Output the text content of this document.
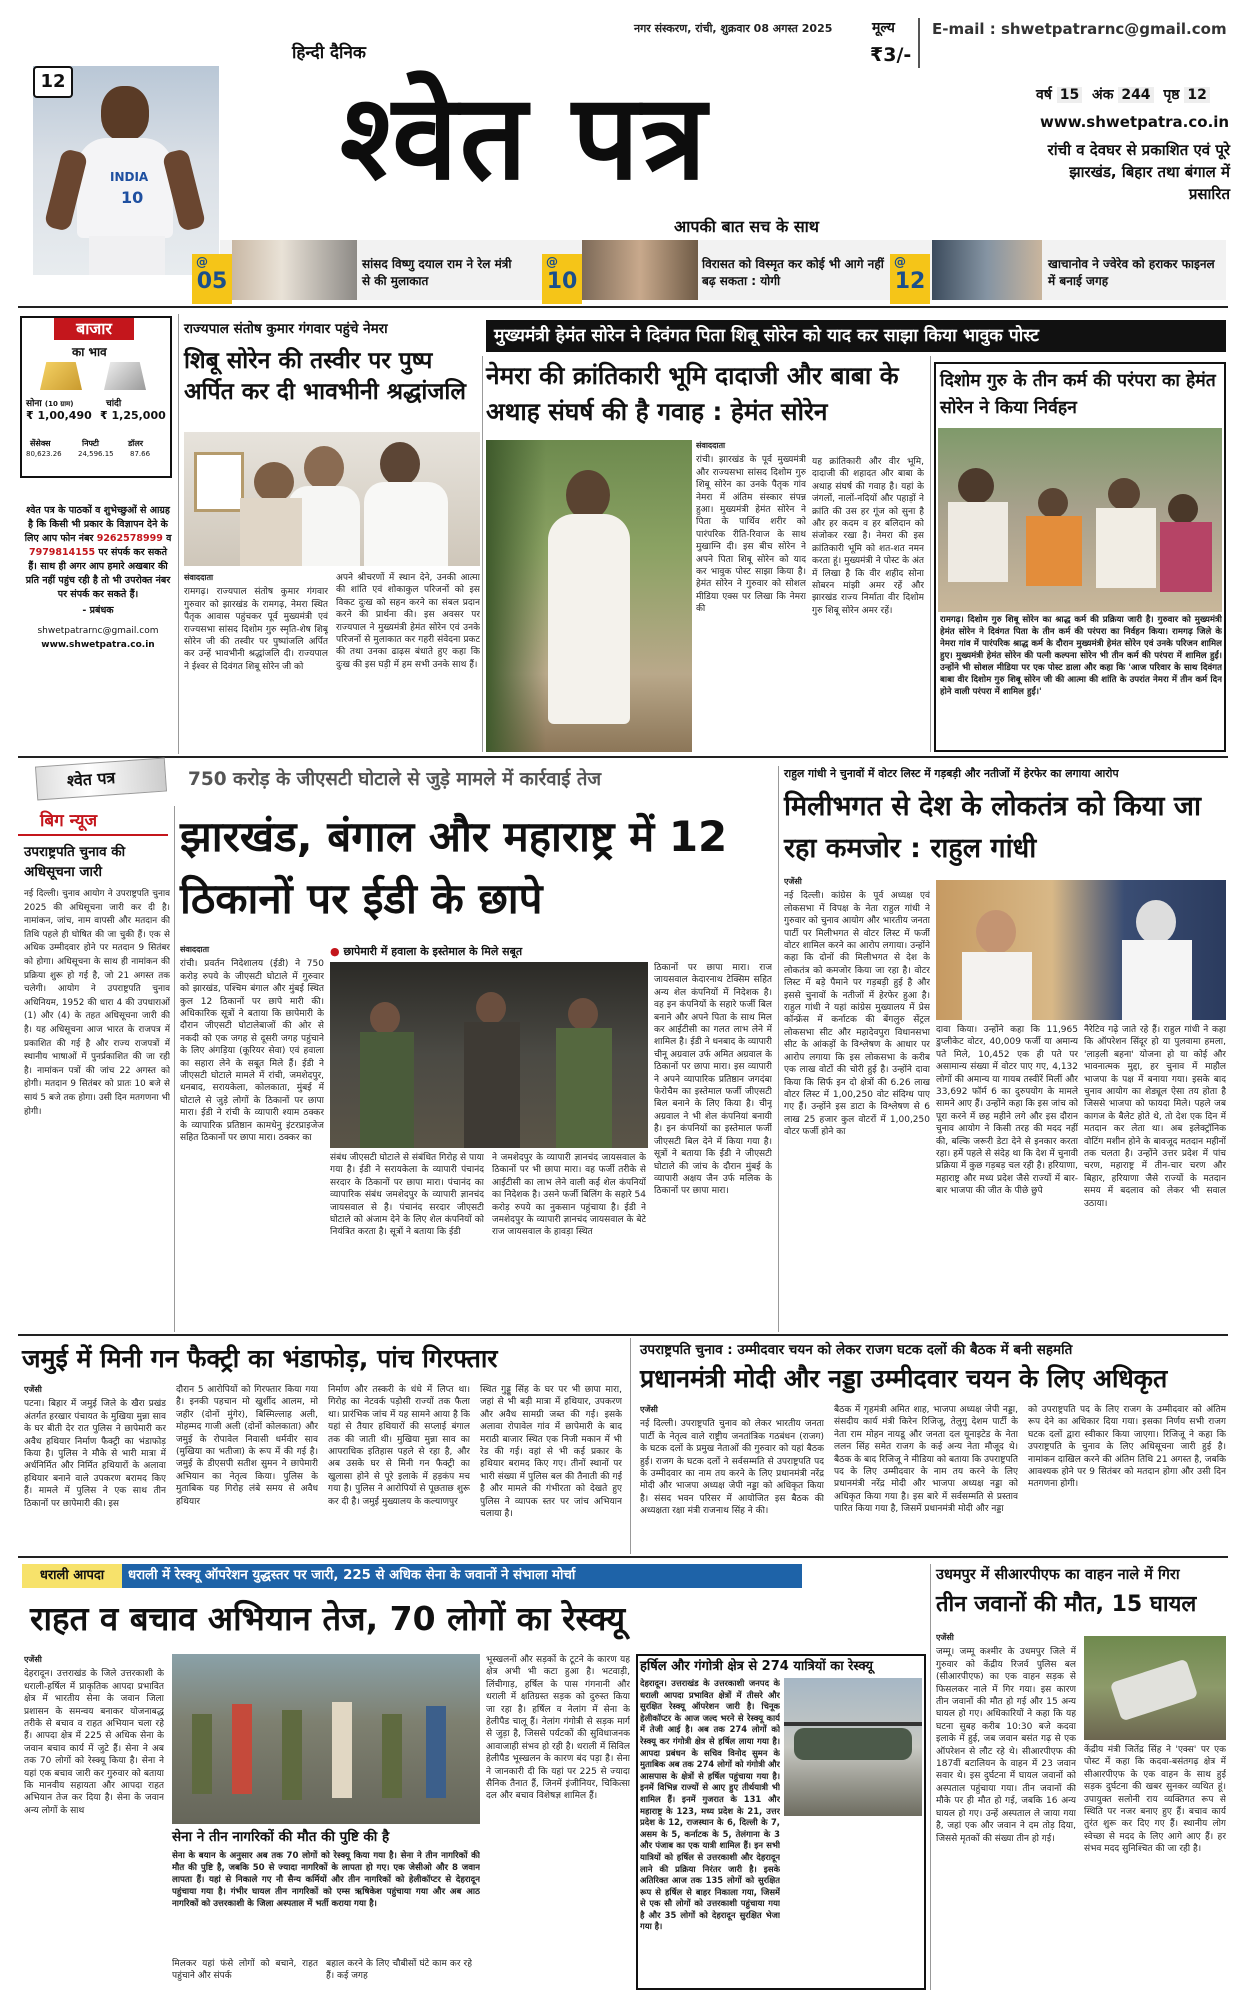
नगर संस्करण, रांची, शुक्रवार 08 अगस्त 2025	मूल्य
₹3/-
E-mail : shwetpatrarnc@gmail.com
हिन्दी दैनिक
INDIA
10
12 श्वेत पत्र
आपकी बात सच के साथ
वर्ष 15 अंक 244 पृष्ठ 12
www.shwetpatra.co.in
रांची व देवघर से प्रकाशित एवं पूरे झारखंड, बिहार तथा बंगाल में प्रसारित
@
05
सांसद विष्णु दयाल राम ने रेल मंत्री से की मुलाकात
@
10
विरासत को विस्मृत कर कोई भी आगे नहीं बढ़ सकता : योगी
@
12
खाचानोव ने ज्वेरेव को हराकर फाइनल में बनाई जगह
बाजार
का भाव
सोना (10 ग्राम)
₹ 1,00,490
चांदी
₹ 1,25,000
सेंसेक्स
80,623.26
निफ्टी
24,596.15
डॉलर
87.66
श्वेत पत्र के पाठकों व शुभेच्छुओं से आग्रह है कि किसी भी प्रकार के विज्ञापन देने के लिए आप फोन नंबर 9262578999 व 7979814155 पर संपर्क कर सकते हैं। साथ ही अगर आप हमारे अखबार की प्रति नहीं पहुंच रही है तो भी उपरोक्त नंबर पर संपर्क कर सकते हैं।
- प्रबंधक
shwetpatrarnc@gmail.com
www.shwetpatra.co.in
राज्यपाल संतोष कुमार गंगवार पहुंचे नेमरा
शिबू सोरेन की तस्वीर पर पुष्प अर्पित कर दी भावभीनी श्रद्धांजलि
संवाददाता
रामगढ़। राज्यपाल संतोष कुमार गंगवार गुरुवार को झारखंड के रामगढ़, नेमरा स्थित पैतृक आवास पहुंचकर पूर्व मुख्यमंत्री एवं राज्यसभा सांसद दिशोम गुरु स्मृति-शेष शिबू सोरेन जी की तस्वीर पर पुष्पांजलि अर्पित कर उन्हें भावभीनी श्रद्धांजलि दी। राज्यपाल ने ईश्वर से दिवंगत शिबू सोरेन जी को
अपने श्रीचरणों में स्थान देने, उनकी आत्मा की शांति एवं शोकाकुल परिजनों को इस विकट दुःख को सहन करने का संबल प्रदान करने की प्रार्थना की। इस अवसर पर राज्यपाल ने मुख्यमंत्री हेमंत सोरेन एवं उनके परिजनों से मुलाकात कर गहरी संवेदना प्रकट की तथा उनका ढाढ़स बंधाते हुए कहा कि दुःख की इस घड़ी में हम सभी उनके साथ हैं।
मुख्यमंत्री हेमंत सोरेन ने दिवंगत पिता शिबू सोरेन को याद कर साझा किया भावुक पोस्ट
नेमरा की क्रांतिकारी भूमि दादाजी और बाबा के अथाह संघर्ष की है गवाह : हेमंत सोरेन
संवाददाता
रांची। झारखंड के पूर्व मुख्यमंत्री और राज्यसभा सांसद दिशोम गुरु शिबू सोरेन का उनके पैतृक गांव नेमरा में अंतिम संस्कार संपन्न हुआ। मुख्यमंत्री हेमंत सोरेन ने पिता के पार्थिव शरीर को पारंपरिक रीति-रिवाज के साथ मुखाग्नि दी। इस बीच सोरेन ने अपने पिता शिबू सोरेन को याद कर भावुक पोस्ट साझा किया है। हेमंत सोरेन ने गुरुवार को सोशल मीडिया एक्स पर लिखा कि नेमरा की
यह क्रांतिकारी और वीर भूमि, दादाजी की शहादत और बाबा के अथाह संघर्ष की गवाह है। यहां के जंगलों, नालों-नदियों और पहाड़ों ने क्रांति की उस हर गूंज को सुना है और हर कदम व हर बलिदान को संजोकर रखा है। नेमरा की इस क्रांतिकारी भूमि को शत-शत नमन करता हूं। मुख्यमंत्री ने पोस्ट के अंत में लिखा है कि वीर शहीद सोना सोबरन मांझी अमर रहें और झारखंड राज्य निर्माता वीर दिशोम गुरु शिबू सोरेन अमर रहें।
दिशोम गुरु के तीन कर्म की परंपरा का हेमंत सोरेन ने किया निर्वहन
रामगढ़। दिशोम गुरु शिबू सोरेन का श्राद्ध कर्म की प्रक्रिया जारी है। गुरुवार को मुख्यमंत्री हेमंत सोरेन ने दिवंगत पिता के तीन कर्म की परंपरा का निर्वहन किया। रामगढ़ जिले के नेमरा गांव में पारंपरिक श्राद्ध कर्म के दौरान मुख्यमंत्री हेमंत सोरेन एवं उनके परिजन शामिल हुए। मुख्यमंत्री हेमंत सोरेन की पत्नी कल्पना सोरेन भी तीन कर्म की परंपरा में शामिल हुईं। उन्होंने भी सोशल मीडिया पर एक पोस्ट डाला और कहा कि 'आज परिवार के साथ दिवंगत बाबा वीर दिशोम गुरु शिबू सोरेन जी की आत्मा की शांति के उपरांत नेमरा में तीन कर्म दिन होने वाली परंपरा में शामिल हुईं।'
श्वेत पत्र	750 करोड़ के जीएसटी घोटाले से जुड़े मामले में कार्रवाई तेज
बिग न्यूज
उपराष्ट्रपति चुनाव की अधिसूचना जारी
नई दिल्ली। चुनाव आयोग ने उपराष्ट्रपति चुनाव 2025 की अधिसूचना जारी कर दी है। नामांकन, जांच, नाम वापसी और मतदान की तिथि पहले ही घोषित की जा चुकी हैं। एक से अधिक उम्मीदवार होने पर मतदान 9 सितंबर को होगा। अधिसूचना के साथ ही नामांकन की प्रक्रिया शुरू हो गई है, जो 21 अगस्त तक चलेगी। आयोग ने उपराष्ट्रपति चुनाव अधिनियम, 1952 की धारा 4 की उपधाराओं (1) और (4) के तहत अधिसूचना जारी की है। यह अधिसूचना आज भारत के राजपत्र में प्रकाशित की गई है और राज्य राजपत्रों में स्थानीय भाषाओं में पुनर्प्रकाशित की जा रही है। नामांकन पत्रों की जांच 22 अगस्त को होगी। मतदान 9 सितंबर को प्रातः 10 बजे से सायं 5 बजे तक होगा। उसी दिन मतगणना भी होगी।
झारखंड, बंगाल और महाराष्ट्र में 12 ठिकानों पर ईडी के छापे
संवाददाता
रांची। प्रवर्तन निदेशालय (ईडी) ने 750 करोड़ रुपये के जीएसटी घोटाले में गुरुवार को झारखंड, पश्चिम बंगाल और मुंबई स्थित कुल 12 ठिकानों पर छापे मारी की। अधिकारिक सूत्रों ने बताया कि छापेमारी के दौरान जीएसटी घोटालेबाजों की ओर से नकदी को एक जगह से दूसरी जगह पहुंचाने के लिए अंगड़िया (कूरियर सेवा) एवं हवाला का सहारा लेने के सबूत मिले हैं। ईडी ने जीएसटी घोटाले मामले में रांची, जमशेदपुर, धनबाद, सरायकेला, कोलकाता, मुंबई में घोटाले से जुड़े लोगों के ठिकानों पर छापा मारा। ईडी ने रांची के व्यापारी श्याम ठक्कर के व्यापारिक प्रतिष्ठान कामधेनु इंटरप्राइजेज सहित ठिकानों पर छापा मारा। ठक्कर का
● छापेमारी में हवाला के इस्तेमाल के मिले सबूत
संबंध जीएसटी घोटाले से संबंधित गिरोह से पाया गया है। ईडी ने सरायकेला के व्यापारी पंचानंद सरदार के ठिकानों पर छापा मारा। पंचानंद का व्यापारिक संबंध जमशेदपुर के व्यापारी ज्ञानचंद जायसवाल से है। पंचानंद सरदार जीएसटी घोटाले को अंजाम देने के लिए शेल कंपनियों को नियंत्रित करता है। सूत्रों ने बताया कि ईडी
ने जमशेदपुर के व्यापारी ज्ञानचंद जायसवाल के ठिकानों पर भी छापा मारा। वह फर्जी तरीके से आईटीसी का लाभ लेने वाली कई शेल कंपनियों का निदेशक है। उसने फर्जी बिलिंग के सहारे 54 करोड़ रुपये का नुकसान पहुंचाया है। ईडी ने जमशेदपुर के व्यापारी ज्ञानचंद जायसवाल के बेटे राज जायसवाल के हावड़ा स्थित
ठिकानों पर छापा मारा। राज जायसवाल केदारनाथ टेक्सिम सहित अन्य शेल कंपनियों में निदेशक है। वह इन कंपनियों के सहारे फर्जी बिल बनाने और अपने पिता के साथ मिल कर आईटीसी का गलत लाभ लेने में शामिल है। ईडी ने धनबाद के व्यापारी चीनू अग्रवाल उर्फ अमित अग्रवाल के ठिकानों पर छापा मारा। इस व्यापारी ने अपने व्यापारिक प्रतिष्ठान जगदंबा फेरोचैम का इस्तेमाल फर्जी जीएसटी बिल बनाने के लिए किया है। चीनू अग्रवाल ने भी शेल कंपनियां बनायी है। इन कंपनियों का इस्तेमाल फर्जी जीएसटी बिल देने में किया गया है। सूत्रों ने बताया कि ईडी ने जीएसटी घोटाले की जांच के दौरान मुंबई के व्यापारी अक्षय जैन उर्फ मलिक के ठिकानों पर छापा मारा।
राहुल गांधी ने चुनावों में वोटर लिस्ट में गड़बड़ी और नतीजों में हेरफेर का लगाया आरोप
मिलीभगत से देश के लोकतंत्र को किया जा रहा कमजोर : राहुल गांधी
एजेंसी
नई दिल्ली। कांग्रेस के पूर्व अध्यक्ष एवं लोकसभा में विपक्ष के नेता राहुल गांधी ने गुरुवार को चुनाव आयोग और भारतीय जनता पार्टी पर मिलीभगत से वोटर लिस्ट में फर्जी वोटर शामिल करने का आरोप लगाया। उन्होंने कहा कि दोनों की मिलीभगत से देश के लोकतंत्र को कमजोर किया जा रहा है। वोटर लिस्ट में बड़े पैमाने पर गड़बड़ी हुई है और इससे चुनावों के नतीजों में हेरफेर हुआ है। राहुल गांधी ने यहां कांग्रेस मुख्यालय में प्रेस कॉन्फ्रेंस में कर्नाटक की बेंगलुरु सेंट्रल लोकसभा सीट और महादेवपुरा विधानसभा सीट के आंकड़ों के विश्लेषण के आधार पर आरोप लगाया कि इस लोकसभा के करीब एक लाख वोटों की चोरी हुई है। उन्होंने दावा किया कि सिर्फ इन दो क्षेत्रों की 6.26 लाख वोटर लिस्ट में 1,00,250 वोट संदिग्ध पाए गए हैं। उन्होंने इस डाटा के विश्लेषण से 6 लाख 25 हजार कुल वोटरों में 1,00,250 वोटर फर्जी होने का
दावा किया। उन्होंने कहा कि 11,965 डुप्लीकेट वोटर, 40,009 फर्जी या अमान्य पते मिले, 10,452 एक ही पते पर असामान्य संख्या में वोटर पाए गए, 4,132 लोगों की अमान्य या गायब तस्वीरें मिलीं और 33,692 फॉर्म 6 का दुरुपयोग के मामले सामने आए हैं। उन्होंने कहा कि इस जांच को पूरा करने में छह महीने लगे और इस दौरान चुनाव आयोग ने किसी तरह की मदद नहीं की, बल्कि जरूरी डेटा देने से इनकार करता रहा। हमें पहले से संदेह था कि देश में चुनावी प्रक्रिया में कुछ गड़बड़ चल रही है। हरियाणा, महाराष्ट्र और मध्य प्रदेश जैसे राज्यों में बार-बार भाजपा की जीत के पीछे छुपे
नैरेटिव गढ़े जाते रहे हैं। राहुल गांधी ने कहा कि ऑपरेशन सिंदूर हो या पुलवामा हमला, 'लाड़ली बहना' योजना हो या कोई और भावनात्मक मुद्दा, हर चुनाव में माहौल भाजपा के पक्ष में बनाया गया। इसके बाद चुनाव आयोग का शेड्यूल ऐसा तय होता है जिससे भाजपा को फायदा मिले। पहले जब कागज के बैलेट होते थे, तो देश एक दिन में मतदान कर लेता था। अब इलेक्ट्रॉनिक वोटिंग मशीन होने के बावजूद मतदान महीनों तक चलता है। उन्होंने उत्तर प्रदेश में पांच चरण, महाराष्ट्र में तीन-चार चरण और बिहार, हरियाणा जैसे राज्यों के मतदान समय में बदलाव को लेकर भी सवाल उठाया।
जमुई में मिनी गन फैक्ट्री का भंडाफोड़, पांच गिरफ्तार
एजेंसी
पटना। बिहार में जमुई जिले के खैरा प्रखंड अंतर्गत हरखार पंचायत के मुखिया मुन्ना साव के घर बीती देर रात पुलिस ने छापेमारी कर अवैध हथियार निर्माण फैक्ट्री का भंडाफोड़ किया है। पुलिस ने मौके से भारी मात्रा में अर्धनिर्मित और निर्मित हथियारों के अलावा हथियार बनाने वाले उपकरण बरामद किए हैं। मामले में पुलिस ने एक साथ तीन ठिकानों पर छापेमारी की। इस
दौरान 5 आरोपियों को गिरफ्तार किया गया है। इनकी पहचान मो खुर्शीद आलम, मो जहीर (दोनों मुंगेर), बिस्मिल्लाह अली, मोहम्मद गाजी अली (दोनों कोलकाता) और जमुई के रोपावेल निवासी धर्मवीर साव (मुखिया का भतीजा) के रूप में की गई है। जमुई के डीएसपी सतीश सुमन ने छापेमारी अभियान का नेतृत्व किया। पुलिस के मुताबिक यह गिरोह लंबे समय से अवैध हथियार
निर्माण और तस्करी के धंधे में लिप्त था। गिरोह का नेटवर्क पड़ोसी राज्यों तक फैला था। प्रारंभिक जांच में यह सामने आया है कि यहां से तैयार हथियारों की सप्लाई बंगाल तक की जाती थी। मुखिया मुन्ना साव का आपराधिक इतिहास पहले से रहा है, और अब उसके घर से मिनी गन फैक्ट्री का खुलासा होने से पूरे इलाके में हड़कंप मच गया है। पुलिस ने आरोपियों से पूछताछ शुरू कर दी है। जमुई मुख्यालय के कल्याणपुर
स्थित गुड्डू सिंह के घर पर भी छापा मारा, जहां से भी बड़ी मात्रा में हथियार, उपकरण और अवैध सामग्री जब्त की गई। इसके अलावा रोपावेल गांव में छापेमारी के बाद मराठी बाजार स्थित एक निजी मकान में भी रेड की गई। वहां से भी कई प्रकार के हथियार बरामद किए गए। तीनों स्थानों पर भारी संख्या में पुलिस बल की तैनाती की गई है और मामले की गंभीरता को देखते हुए पुलिस ने व्यापक स्तर पर जांच अभियान चलाया है।
उपराष्ट्रपति चुनाव : उम्मीदवार चयन को लेकर राजग घटक दलों की बैठक में बनी सहमति
प्रधानमंत्री मोदी और नड्डा उम्मीदवार चयन के लिए अधिकृत
एजेंसी
नई दिल्ली। उपराष्ट्रपति चुनाव को लेकर भारतीय जनता पार्टी के नेतृत्व वाले राष्ट्रीय जनतांत्रिक गठबंधन (राजग) के घटक दलों के प्रमुख नेताओं की गुरुवार को यहां बैठक हुई। राजग के घटक दलों ने सर्वसम्मति से उपराष्ट्रपति पद के उम्मीदवार का नाम तय करने के लिए प्रधानमंत्री नरेंद्र मोदी और भाजपा अध्यक्ष जेपी नड्डा को अधिकृत किया है। संसद भवन परिसर में आयोजित इस बैठक की अध्यक्षता रक्षा मंत्री राजनाथ सिंह ने की।
बैठक में गृहमंत्री अमित शाह, भाजपा अध्यक्ष जेपी नड्डा, संसदीय कार्य मंत्री किरेन रिजिजू, तेलुगु देशम पार्टी के नेता राम मोहन नायडू और जनता दल यूनाइटेड के नेता ललन सिंह समेत राजग के कई अन्य नेता मौजूद थे। बैठक के बाद रिजिजू ने मीडिया को बताया कि उपराष्ट्रपति पद के लिए उम्मीदवार के नाम तय करने के लिए प्रधानमंत्री नरेंद्र मोदी और भाजपा अध्यक्ष नड्डा को अधिकृत किया गया है। इस बारे में सर्वसम्मति से प्रस्ताव पारित किया गया है, जिसमें प्रधानमंत्री मोदी और नड्डा
को उपराष्ट्रपति पद के लिए राजग के उम्मीदवार को अंतिम रूप देने का अधिकार दिया गया। इसका निर्णय सभी राजग घटक दलों द्वारा स्वीकार किया जाएगा। रिजिजू ने कहा कि उपराष्ट्रपति के चुनाव के लिए अधिसूचना जारी हुई है। नामांकन दाखिल करने की अंतिम तिथि 21 अगस्त है, जबकि आवश्यक होने पर 9 सितंबर को मतदान होगा और उसी दिन मतगणना होगी।
धराली आपदा	धराली में रेस्क्यू ऑपरेशन युद्धस्तर पर जारी, 225 से अधिक सेना के जवानों ने संभाला मोर्चा
राहत व बचाव अभियान तेज, 70 लोगों का रेस्क्यू
एजेंसी
देहरादून। उत्तराखंड के जिले उत्तरकाशी के धराली-हर्षिल में प्राकृतिक आपदा प्रभावित क्षेत्र में भारतीय सेना के जवान जिला प्रशासन के समन्वय बनाकर योजनाबद्ध तरीके से बचाव व राहत अभियान चला रहे हैं। आपदा क्षेत्र में 225 से अधिक सेना के जवान बचाव कार्य में जुटे हैं। सेना ने अब तक 70 लोगों को रेस्क्यू किया है। सेना ने यहां एक बचाव जारी कर गुरुवार को बताया कि मानवीय सहायता और आपदा राहत अभियान तेज कर दिया है। सेना के जवान अन्य लोगों के साथ
सेना ने तीन नागरिकों की मौत की पुष्टि की है
सेना के बयान के अनुसार अब तक 70 लोगों को रेस्क्यू किया गया है। सेना ने तीन नागरिकों की मौत की पुष्टि है, जबकि 50 से ज्यादा नागरिकों के लापता हो गए। एक जेसीओ और 8 जवान लापता हैं। यहां से निकाले गए नौ सैन्य कर्मियों और तीन नागरिकों को हेलीकॉप्टर से देहरादून पहुंचाया गया है। गंभीर घायल तीन नागरिकों को एम्स ऋषिकेश पहुंचाया गया और अब आठ नागरिकों को उत्तरकाशी के जिला अस्पताल में भर्ती कराया गया है।
मिलकर यहां फंसे लोगों को बचाने, राहत पहुंचाने और संपर्क
बहाल करने के लिए चौबीसों घंटे काम कर रहे हैं। कई जगह
भूस्खलनों और सड़कों के टूटने के कारण यह क्षेत्र अभी भी कटा हुआ है। भटवाड़ी, लिंचीगाड़, हर्षिल के पास गंगनानी और धराली में क्षतिग्रस्त सड़क को दुरुस्त किया जा रहा है। हर्षिल व नेलांग में सेना के हेलीपैड चालू हैं। नेलांग गंगोत्री से सड़क मार्ग से जुड़ा है, जिससे पर्यटकों की सुविधाजनक आवाजाही संभव हो रही है। धराली में सिविल हेलीपैड भूस्खलन के कारण बंद पड़ा है। सेना ने जानकारी दी कि यहां पर 225 से ज्यादा सैनिक तैनात हैं, जिनमें इंजीनियर, चिकित्सा दल और बचाव विशेषज्ञ शामिल हैं।
हर्षिल और गंगोत्री क्षेत्र से 274 यात्रियों का रेस्क्यू
देहरादून। उत्तराखंड के उत्तरकाशी जनपद के धराली आपदा प्रभावित क्षेत्रों में तीसरे और सुरक्षित रेस्क्यू ऑपरेशन जारी है। चिनूक हेलीकॉप्टर के आज जल्द भरने से रेस्क्यू कार्य में तेजी आई है। अब तक 274 लोगों को रेस्क्यू कर गंगोत्री क्षेत्र से हर्षिल लाया गया है। आपदा प्रबंधन के सचिव विनोद सुमन के मुताबिक अब तक 274 लोगों को गंगोत्री और आसपास के क्षेत्रों से हर्षिल पहुंचाया गया है। इनमें विभिन्न राज्यों से आए हुए तीर्थयात्री भी शामिल हैं। इनमें गुजरात के 131 और महाराष्ट्र के 123, मध्य प्रदेश के 21, उत्तर प्रदेश के 12, राजस्थान के 6, दिल्ली के 7, असम के 5, कर्नाटक के 5, तेलंगाना के 3 और पंजाब का एक यात्री शामिल हैं। इन सभी यात्रियों को हर्षिल से उत्तरकाशी और देहरादून लाने की प्रक्रिया निरंतर जारी है। इसके अतिरिक्त आज तक 135 लोगों को सुरक्षित रूप से हर्षिल से बाहर निकाला गया, जिसमें से एक सौ लोगों को उत्तरकाशी पहुंचाया गया है और 35 लोगों को देहरादून सुरक्षित भेजा गया है।
उधमपुर में सीआरपीएफ का वाहन नाले में गिरा
तीन जवानों की मौत, 15 घायल
एजेंसी
जम्मू। जम्मू कश्मीर के उधमपुर जिले में गुरुवार को केंद्रीय रिजर्व पुलिस बल (सीआरपीएफ) का एक वाहन सड़क से फिसलकर नाले में गिर गया। इस कारण तीन जवानों की मौत हो गई और 15 अन्य घायल हो गए। अधिकारियों ने कहा कि यह घटना सुबह करीब 10:30 बजे कदवा इलाके में हुई, जब जवान बसंत गढ़ से एक ऑपरेशन से लौट रहे थे। सीआरपीएफ की 187वीं बटालियन के वाहन में 23 जवान सवार थे। इस दुर्घटना में घायल जवानों को अस्पताल पहुंचाया गया। तीन जवानों की मौके पर ही मौत हो गई, जबकि 16 अन्य घायल हो गए। उन्हें अस्पताल ले जाया गया है, जहां एक और जवान ने दम तोड़ दिया, जिससे मृतकों की संख्या तीन हो गई।
केंद्रीय मंत्री जितेंद्र सिंह ने 'एक्स' पर एक पोस्ट में कहा कि कदवा-बसंतगढ़ क्षेत्र में सीआरपीएफ के एक वाहन के साथ हुई सड़क दुर्घटना की खबर सुनकर व्यथित हूं। उपायुक्त सलोनी राय व्यक्तिगत रूप से स्थिति पर नजर बनाए हुए हैं। बचाव कार्य तुरंत शुरू कर दिए गए हैं। स्थानीय लोग स्वेच्छा से मदद के लिए आगे आए हैं। हर संभव मदद सुनिश्चित की जा रही है।
